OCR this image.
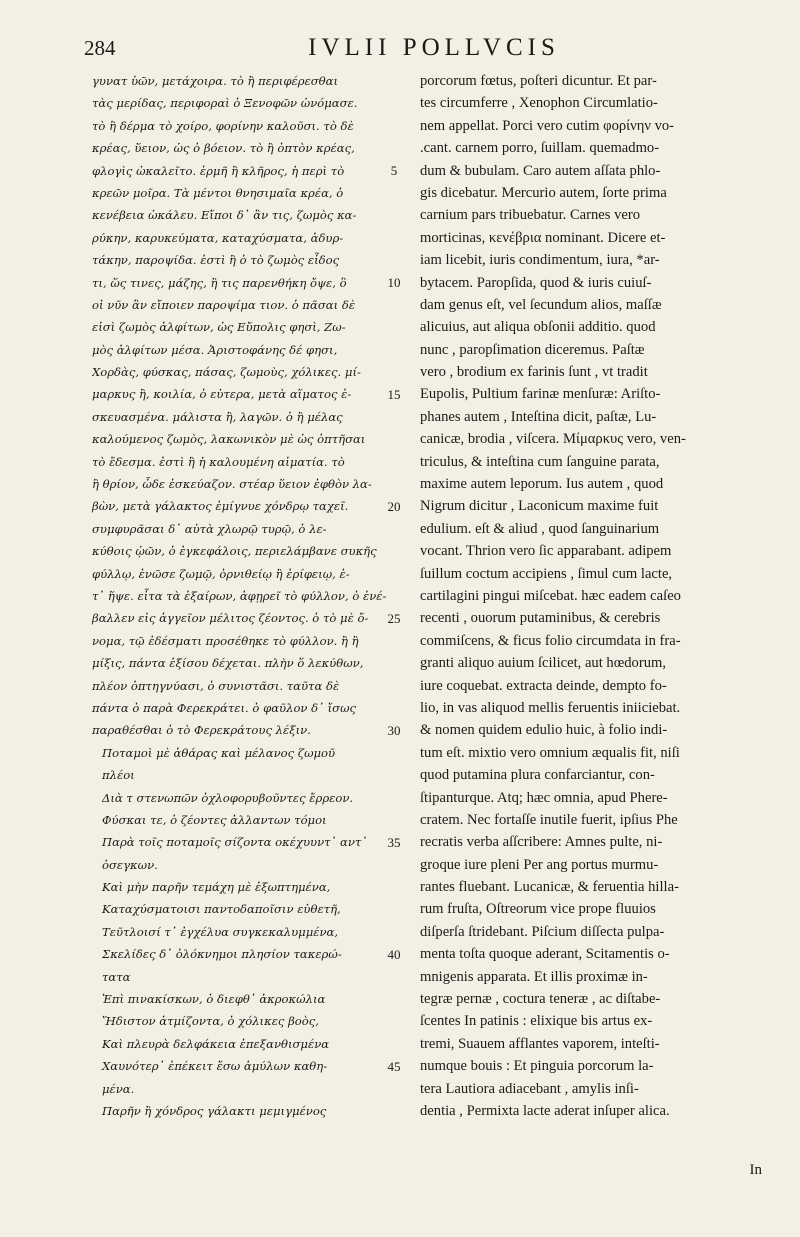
284	IVLII POLLVCIS
γυνατ ὑῶν, μετάχοιρα. τὸ ἢ περιφέρεσθαι
τὰς μερίδας, περιφοραὶ ὁ Ξενοφῶν ὠνόμασε.
τὸ ἢ δέρμα τὸ χοίρο, φορίνην καλοῦσι. τὸ δὲ
κρέας, ὕειον, ὡς ὁ βόειον. τὸ ἢ ὀπτὸν κρέας,
φλογὶς ὠκαλεῖτο. ἑρμῆ ἢ κλῆρος, ἡ περὶ τὸ
κρεῶν μοῖρα. Τὰ μέντοι θνησιμαῖα κρέα, ὁ
κενέβεια ὠκάλευ. Εἴποι δ᾽ ἂν τις, ζωμὸς κα-
ρύκην, καρυκεύματα, καταχύσματα, ἀδυρ-
τάκην, παροψίδα. ἐστὶ ἢ ὁ τὸ ζωμὸς εἶδος
τι, ὥς τινες, μάζης, ἢ τις παρενθήκη ὄψε, ὃ
οἱ νῦν ἂν εἴποιεν παροψίμα τιον. ὁ πᾶσαι δὲ
εἰσὶ ζωμὸς ἀλφίτων, ὡς Εὔπολις φησὶ, Ζω-
μὸς ἀλφίτων μέσα. Ἀριστοφάνης δέ φησι,
Χορδὰς, φύσκας, πάσας, ζωμοὺς, χόλικες. μί-
μαρκυς ἢ, κοιλία, ὁ εὐτερα, μετὰ αἵματος ἐ-
σκευασμένα. μάλιστα ἢ, λαγῶν. ὁ ἢ μέλας
καλούμενος ζωμὸς, λακωνικὸν μὲ ὡς ὀπτῆσαι
τὸ ἔδεσμα. ἐστὶ ἢ ἡ καλουμένη αἱματία. τὸ
ἢ θρίον, ὧδε ἐσκεύαζον. στέαρ ὕειον ἐφθὸν λα-
βὼν, μετὰ γάλακτος ἐμίγνυε χόνδρῳ ταχεῖ.
συμφυρᾶσαι δ᾽ αὐτὰ χλωρῷ τυρῷ, ὁ λε-
κύθοις ᾠῶν, ὁ ἐγκεφάλοις, περιελάμβανε συκῆς
φύλλῳ, ἐνῶσε ζωμῷ, ὀρνιθείῳ ἢ ἐρίφειῳ, ἐ-
τ᾽ ἥψε. εἶτα τὰ ἐξαίρων, ἀφῃρεῖ τὸ φύλλον, ὁ ἐνέ-
βαλλεν εἰς ἀγγεῖον μέλιτος ζέοντος. ὁ τὸ μὲ ὄ-
νομα, τῷ ἐδέσματι προσέθηκε τὸ φύλλον. ἢ ἢ
μίξις, πάντα ἐξίσου δέχεται. πλὴν ὅ λεκύθων,
πλέον ὀπτηγνύασι, ὁ συνιστᾶσι. ταῦτα δὲ
πάντα ὁ παρὰ Φερεκράτει. ὁ φαῦλον δ᾽ ἴσως
παραθέσθαι ὁ τὸ Φερεκράτους λέξιν.
Ποταμοὶ μὲ ἀθάρας καὶ μέλανος ζωμοῦ
πλέοι
Διὰ τ στενωπῶν ὀχλοφορυβοῦντες ἔρρεον.
Φύσκαι τε, ὁ ζέοντες ἀλλαντων τόμοι
Παρὰ τοῖς ποταμοῖς σίζοντα οκέχυυντ᾽ αντ᾽
ὀσεγκων.
Καὶ μὴν παρῆν τεμάχη μὲ ἐξωπτημένα,
Καταχύσματοισι παντοδαποῖσιν εὐθετῆ,
Τεῦτλοισί τ᾽ ἐγχέλυα συγκεκαλυμμένα,
Σκελίδες δ᾽ ὁλόκνημοι πλησίον τακερώ-
τατα
Ἐπὶ πινακίσκων, ὁ διεφθ᾽ ἀκροκώλια
Ἥδιστον ἀτμίζοντα, ὁ χόλικες βοὸς,
Καὶ πλευρὰ δελφάκεια ἐπεξανθισμένα
Χαυνότερ᾽ ἐπέκειτ ἔσω ἀμύλων καθη-
μένα.
Παρῆν ἢ χόνδρος γάλακτι μεμιγμένος
5
10
15
20
25
30
35
40
45
porcorum fœtus, poſteri dicuntur. Et par-
tes circumferre , Xenophon Circumlatio-
nem appellat. Porci vero cutim φορίνην vo-
.cant. carnem porro, ſuillam. quemadmo-
dum & bubulam. Caro autem aſſata phlo-
gis dicebatur. Mercurio autem, ſorte prima
carnium pars tribuebatur. Carnes vero
morticinas, κενέβρια nominant. Dicere et-
iam licebit, iuris condimentum, iura, *ar-
bytacem. Paropſida, quod & iuris cuiuſ-
dam genus eſt, vel ſecundum alios, maſſæ
alicuius, aut aliqua obſonii additio. quod
nunc , paropſimation diceremus. Paſtæ
vero , brodium ex farinis ſunt , vt tradit
Eupolis, Pultium farinæ menſuræ: Ariſto-
phanes autem , Inteſtina dicit, paſtæ, Lu-
canicæ, brodia , viſcera. Μίμαρκυς vero, ven-
triculus, & inteſtina cum ſanguine parata,
maxime autem leporum. Ius autem , quod
Nigrum dicitur , Laconicum maxime fuit
edulium. eſt & aliud , quod ſanguinarium
vocant. Thrion vero ſic apparabant. adipem
ſuillum coctum accipiens , ſimul cum lacte,
cartilagini pingui miſcebat. hæc eadem caſeo
recenti , ouorum putaminibus, & cerebris
commiſcens, & ficus folio circumdata in fra-
granti aliquo auium ſcilicet, aut hœdorum,
iure coquebat. extracta deinde, dempto fo-
lio, in vas aliquod mellis feruentis iniiciebat.
& nomen quidem edulio huic, à folio indi-
tum eſt. mixtio vero omnium æqualis fit, niſi
quod putamina plura confarciantur, con-
ſtipanturque. Atq; hæc omnia, apud Phere-
cratem. Nec fortaſſe inutile fuerit, ipſius Phe
recratis verba aſſcribere: Amnes pulte, ni-
groque iure pleni Per ang portus murmu-
rantes fluebant. Lucanicæ, & feruentia hilla-
rum fruſta, Oſtreorum vice prope fluuios
diſperſa ſtridebant. Piſcium diſſecta pulpa-
menta toſta quoque aderant, Scitamentis o-
mnigenis apparata. Et illis proximæ in-
tegræ pernæ , coctura teneræ , ac diſtabe-
ſcentes In patinis : elixique bis artus ex-
tremi, Suauem afflantes vaporem, inteſti-
numque bouis : Et pinguia porcorum la-
tera Lautiora adiacebant , amylis inſi-
dentia , Permixta lacte aderat inſuper alica.
In
